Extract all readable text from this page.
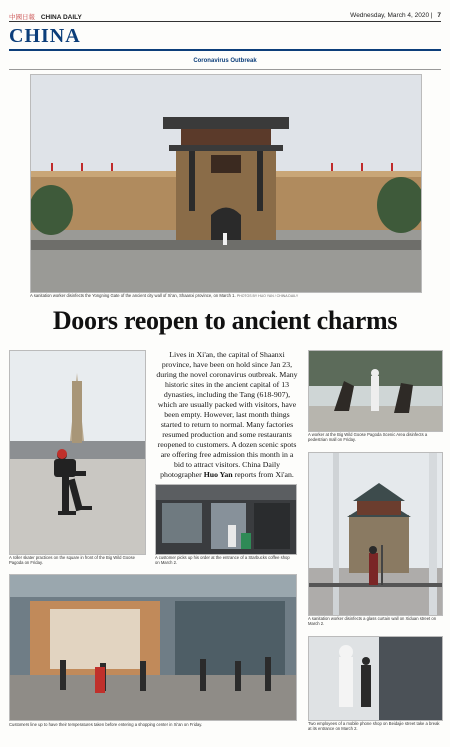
中國日報 CHINA DAILY	Wednesday, March 4, 2020 | 7
CHINA
Coronavirus Outbreak
A sanitation worker disinfects the Yongning Gate of the ancient city wall of Xi'an, Shaanxi province, on March 1. PHOTOS BY HUO YAN / CHINA DAILY
Doors reopen to ancient charms
Lives in Xi'an, the capital of Shaanxi province, have been on hold since Jan 23, during the novel coronavirus outbreak. Many historic sites in the ancient capital of 13 dynasties, including the Tang (618-907), which are usually packed with visitors, have been empty. However, last month things started to return to normal. Many factories resumed production and some restaurants reopened to customers. A dozen scenic spots are offering free admission this month in a bid to attract visitors. China Daily photographer Huo Yan reports from Xi'an.
A roller skater practices on the square in front of the Big Wild Goose Pagoda on Friday.
A customer picks up his order at the entrance of a Starbucks coffee shop on March 2.
A worker at the Big Wild Goose Pagoda Scenic Area disinfects a pedestrian mall on Friday.
A sanitation worker disinfects a glass curtain wall on Xiduan street on March 2.
Customers line up to have their temperatures taken before entering a shopping center in Xi'an on Friday.	Two employees of a mobile phone shop on Beidajie street take a break at its entrance on March 2.
